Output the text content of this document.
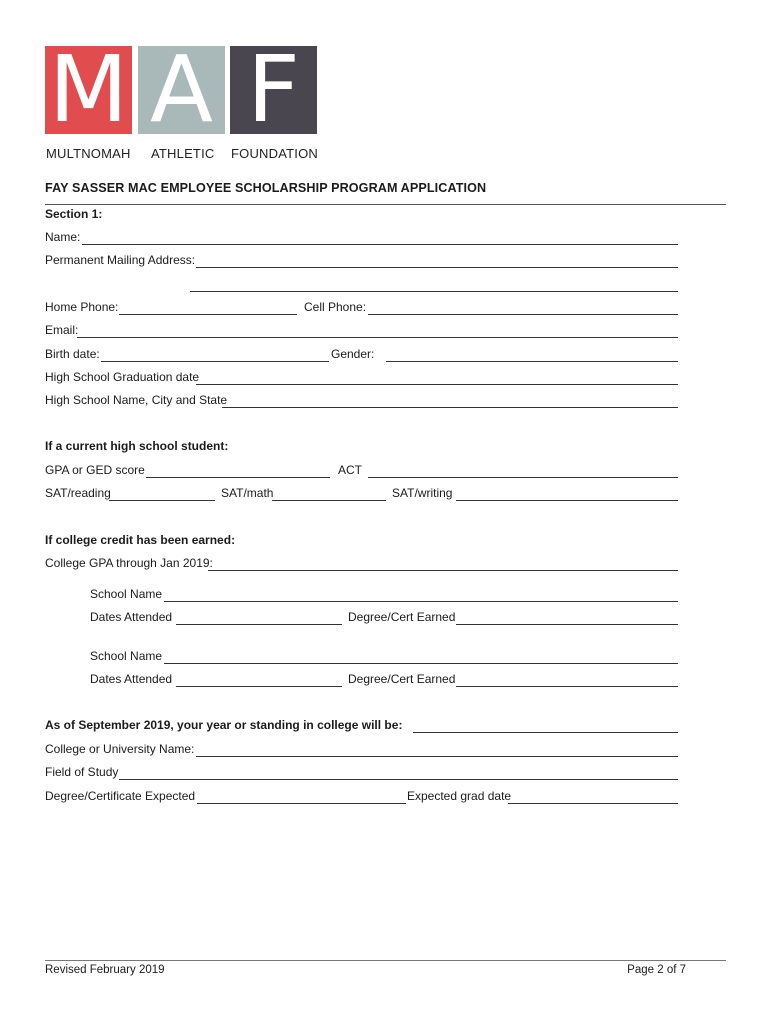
M A F
MULTNOMAH ATHLETIC FOUNDATION
FAY SASSER MAC EMPLOYEE SCHOLARSHIP PROGRAM APPLICATION
Section 1:
Name:
Permanent Mailing Address:
Home Phone:	Cell Phone:
Email:
Birth date:	Gender:
High School Graduation date
High School Name, City and State
If a current high school student:
GPA or GED score	ACT
SAT/reading	SAT/math	SAT/writing
If college credit has been earned:
College GPA through Jan 2019:
School Name
Dates Attended	Degree/Cert Earned
School Name
Dates Attended	Degree/Cert Earned
As of September 2019, your year or standing in college will be:
College or University Name:
Field of Study
Degree/Certificate Expected	Expected grad date
Revised February 2019	Page 2 of 7
